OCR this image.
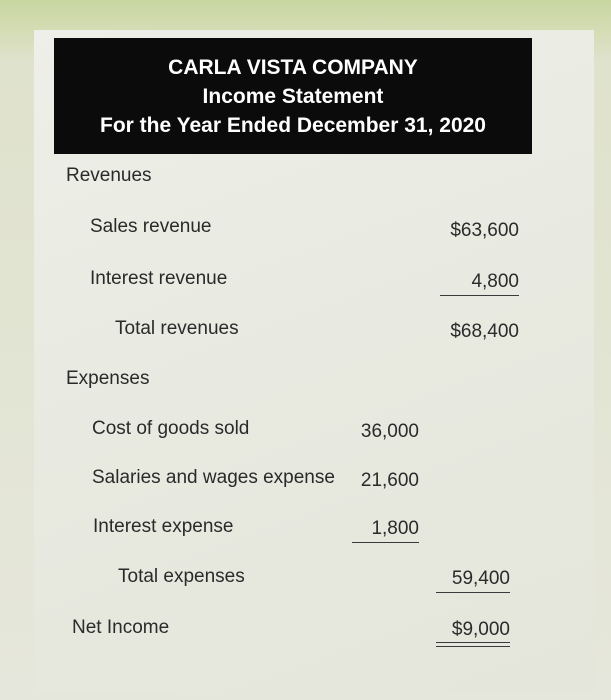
CARLA VISTA COMPANY
Income Statement
For the Year Ended December 31, 2020
Revenues
Sales revenue	$63,600
Interest revenue	4,800
Total revenues	$68,400
Expenses
Cost of goods sold	36,000
Salaries and wages expense	21,600
Interest expense	1,800
Total expenses	59,400
Net Income	$9,000
